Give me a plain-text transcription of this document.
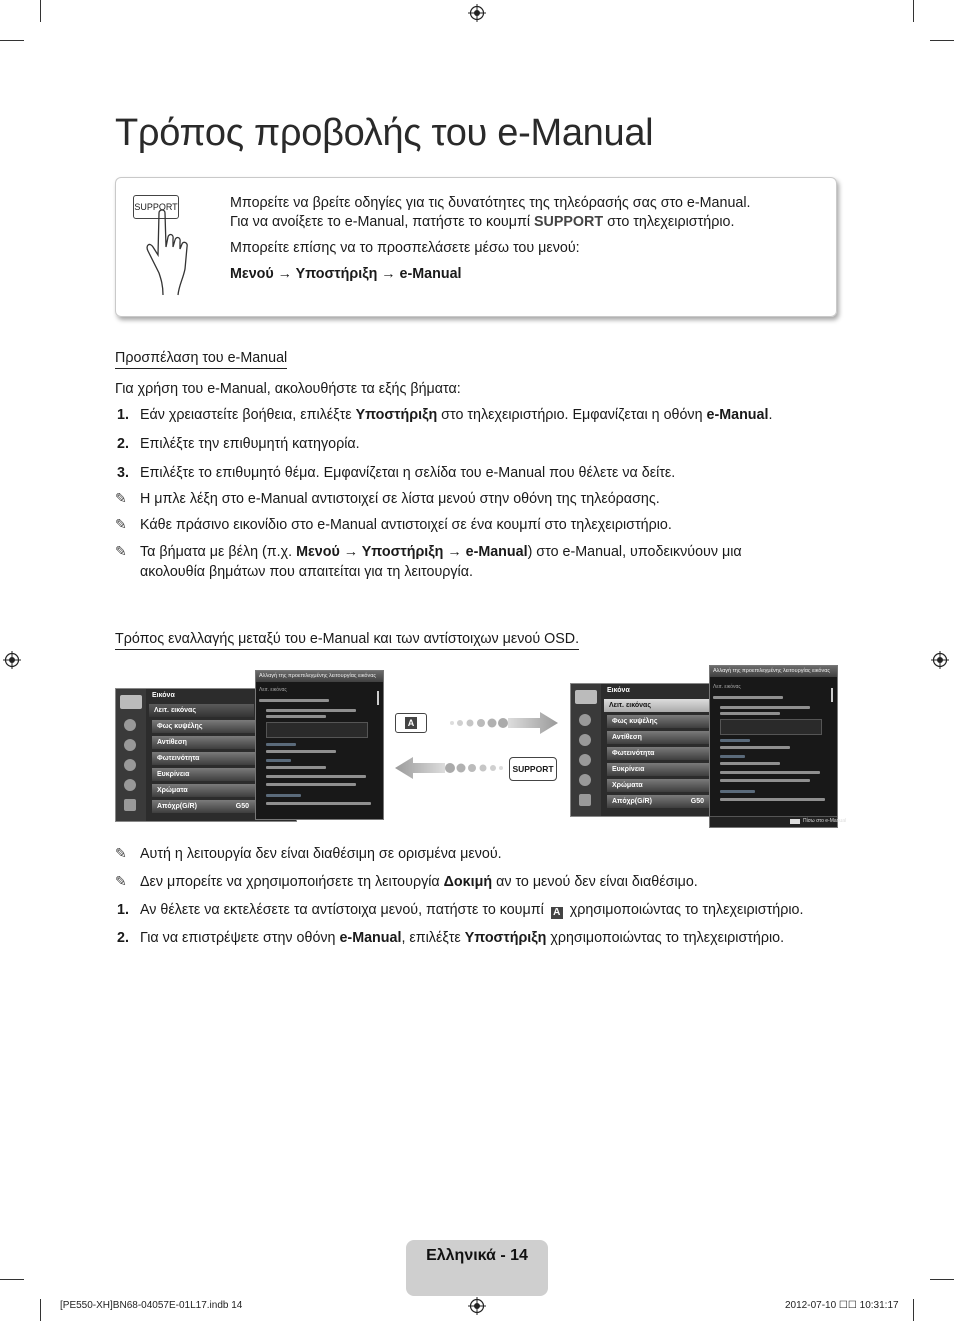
Τρόπος προβολής του e-Manual
SUPPORT	Μπορείτε να βρείτε οδηγίες για τις δυνατότητες της τηλεόρασής σας στο e-Manual.
Για να ανοίξετε το e-Manual, πατήστε το κουμπί SUPPORT στο τηλεχειριστήριο.
Μπορείτε επίσης να το προσπελάσετε μέσω του μενού:
Μενού → Υποστήριξη → e-Manual
Προσπέλαση του e-Manual
Για χρήση του e-Manual, ακολουθήστε τα εξής βήματα:
1. Εάν χρειαστείτε βοήθεια, επιλέξτε Υποστήριξη στο τηλεχειριστήριο. Εμφανίζεται η οθόνη e-Manual.
2. Επιλέξτε την επιθυμητή κατηγορία.
3. Επιλέξτε το επιθυμητό θέμα. Εμφανίζεται η σελίδα του e-Manual που θέλετε να δείτε.
✎ Η μπλε λέξη στο e-Manual αντιστοιχεί σε λίστα μενού στην οθόνη της τηλεόρασης.
✎ Κάθε πράσινο εικονίδιο στο e-Manual αντιστοιχεί σε ένα κουμπί στο τηλεχειριστήριο.
✎ Τα βήματα με βέλη (π.χ. Μενού → Υποστήριξη → e-Manual) στο e-Manual, υποδεικνύουν μια
ακολουθία βημάτων που απαιτείται για τη λειτουργία.
Τρόπος εναλλαγής μεταξύ του e-Manual και των αντίστοιχων μενού OSD.
Εικόνα
Λειτ. εικόνας
Φως κυψέλης
Αντίθεση
Φωτεινότητα
Ευκρίνεια
Χρώματα
Απόχρ(G/R)	G50
Αλλαγή της προεπιλεγμένης λειτουργίας εικόνας
Λειτ. εικόνας
A
SUPPORT
Εικόνα
Λειτ. εικόνας
Φως κυψέλης
Αντίθεση
Φωτεινότητα
Ευκρίνεια
Χρώματα
Απόχρ(G/R)	G50
Αλλαγή της προεπιλεγμένης λειτουργίας εικόνας
Λειτ. εικόνας
Πίσω στο e-Manual
✎ Αυτή η λειτουργία δεν είναι διαθέσιμη σε ορισμένα μενού.
✎ Δεν μπορείτε να χρησιμοποιήσετε τη λειτουργία Δοκιμή αν το μενού δεν είναι διαθέσιμο.
1. Αν θέλετε να εκτελέσετε τα αντίστοιχα μενού, πατήστε το κουμπί A χρησιμοποιώντας το τηλεχειριστήριο.
2. Για να επιστρέψετε στην οθόνη e-Manual, επιλέξτε Υποστήριξη χρησιμοποιώντας το τηλεχειριστήριο.
Ελληνικά - 14
[PE550-XH]BN68-04057E-01L17.indb 14	2012-07-10 ☐☐ 10:31:17
